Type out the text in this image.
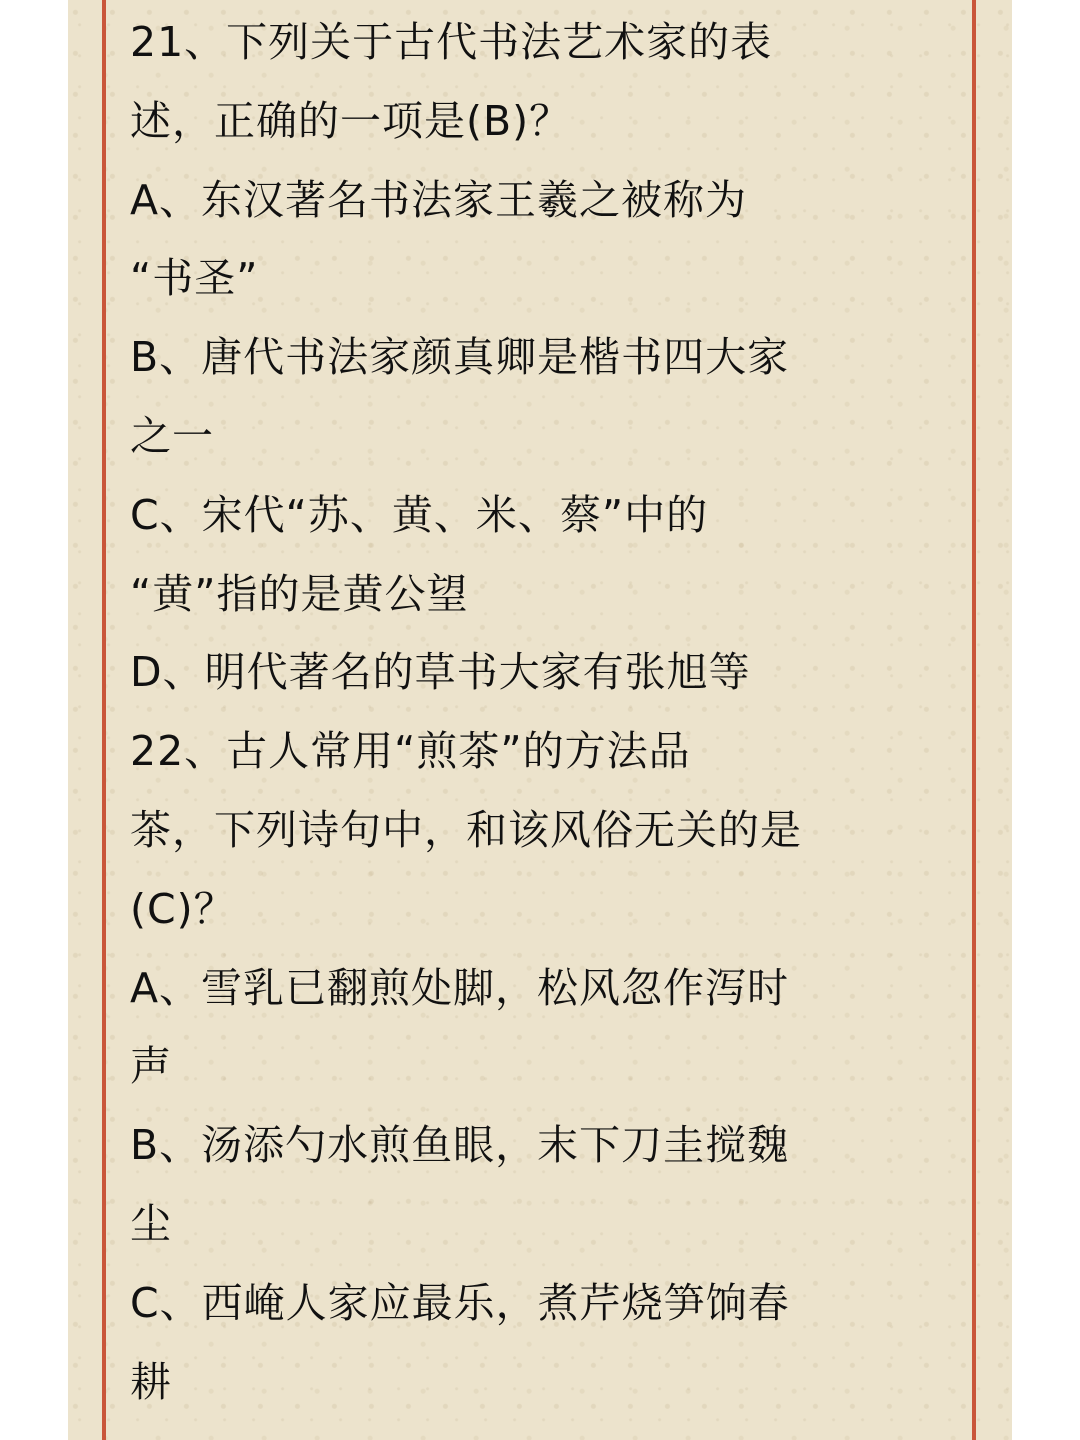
21、下列关于古代书法艺术家的表
述，正确的一项是(B)？
A、东汉著名书法家王羲之被称为
“书圣”
B、唐代书法家颜真卿是楷书四大家
之一
C、宋代“苏、黄、米、蔡”中的
“黄”指的是黄公望
D、明代著名的草书大家有张旭等
22、古人常用“煎茶”的方法品
茶，下列诗句中，和该风俗无关的是
(C)？
A、雪乳已翻煎处脚，松风忽作泻时
声
B、汤添勺水煎鱼眼，末下刀圭搅魏
尘
C、西崦人家应最乐，煮芹烧笋饷春
耕
